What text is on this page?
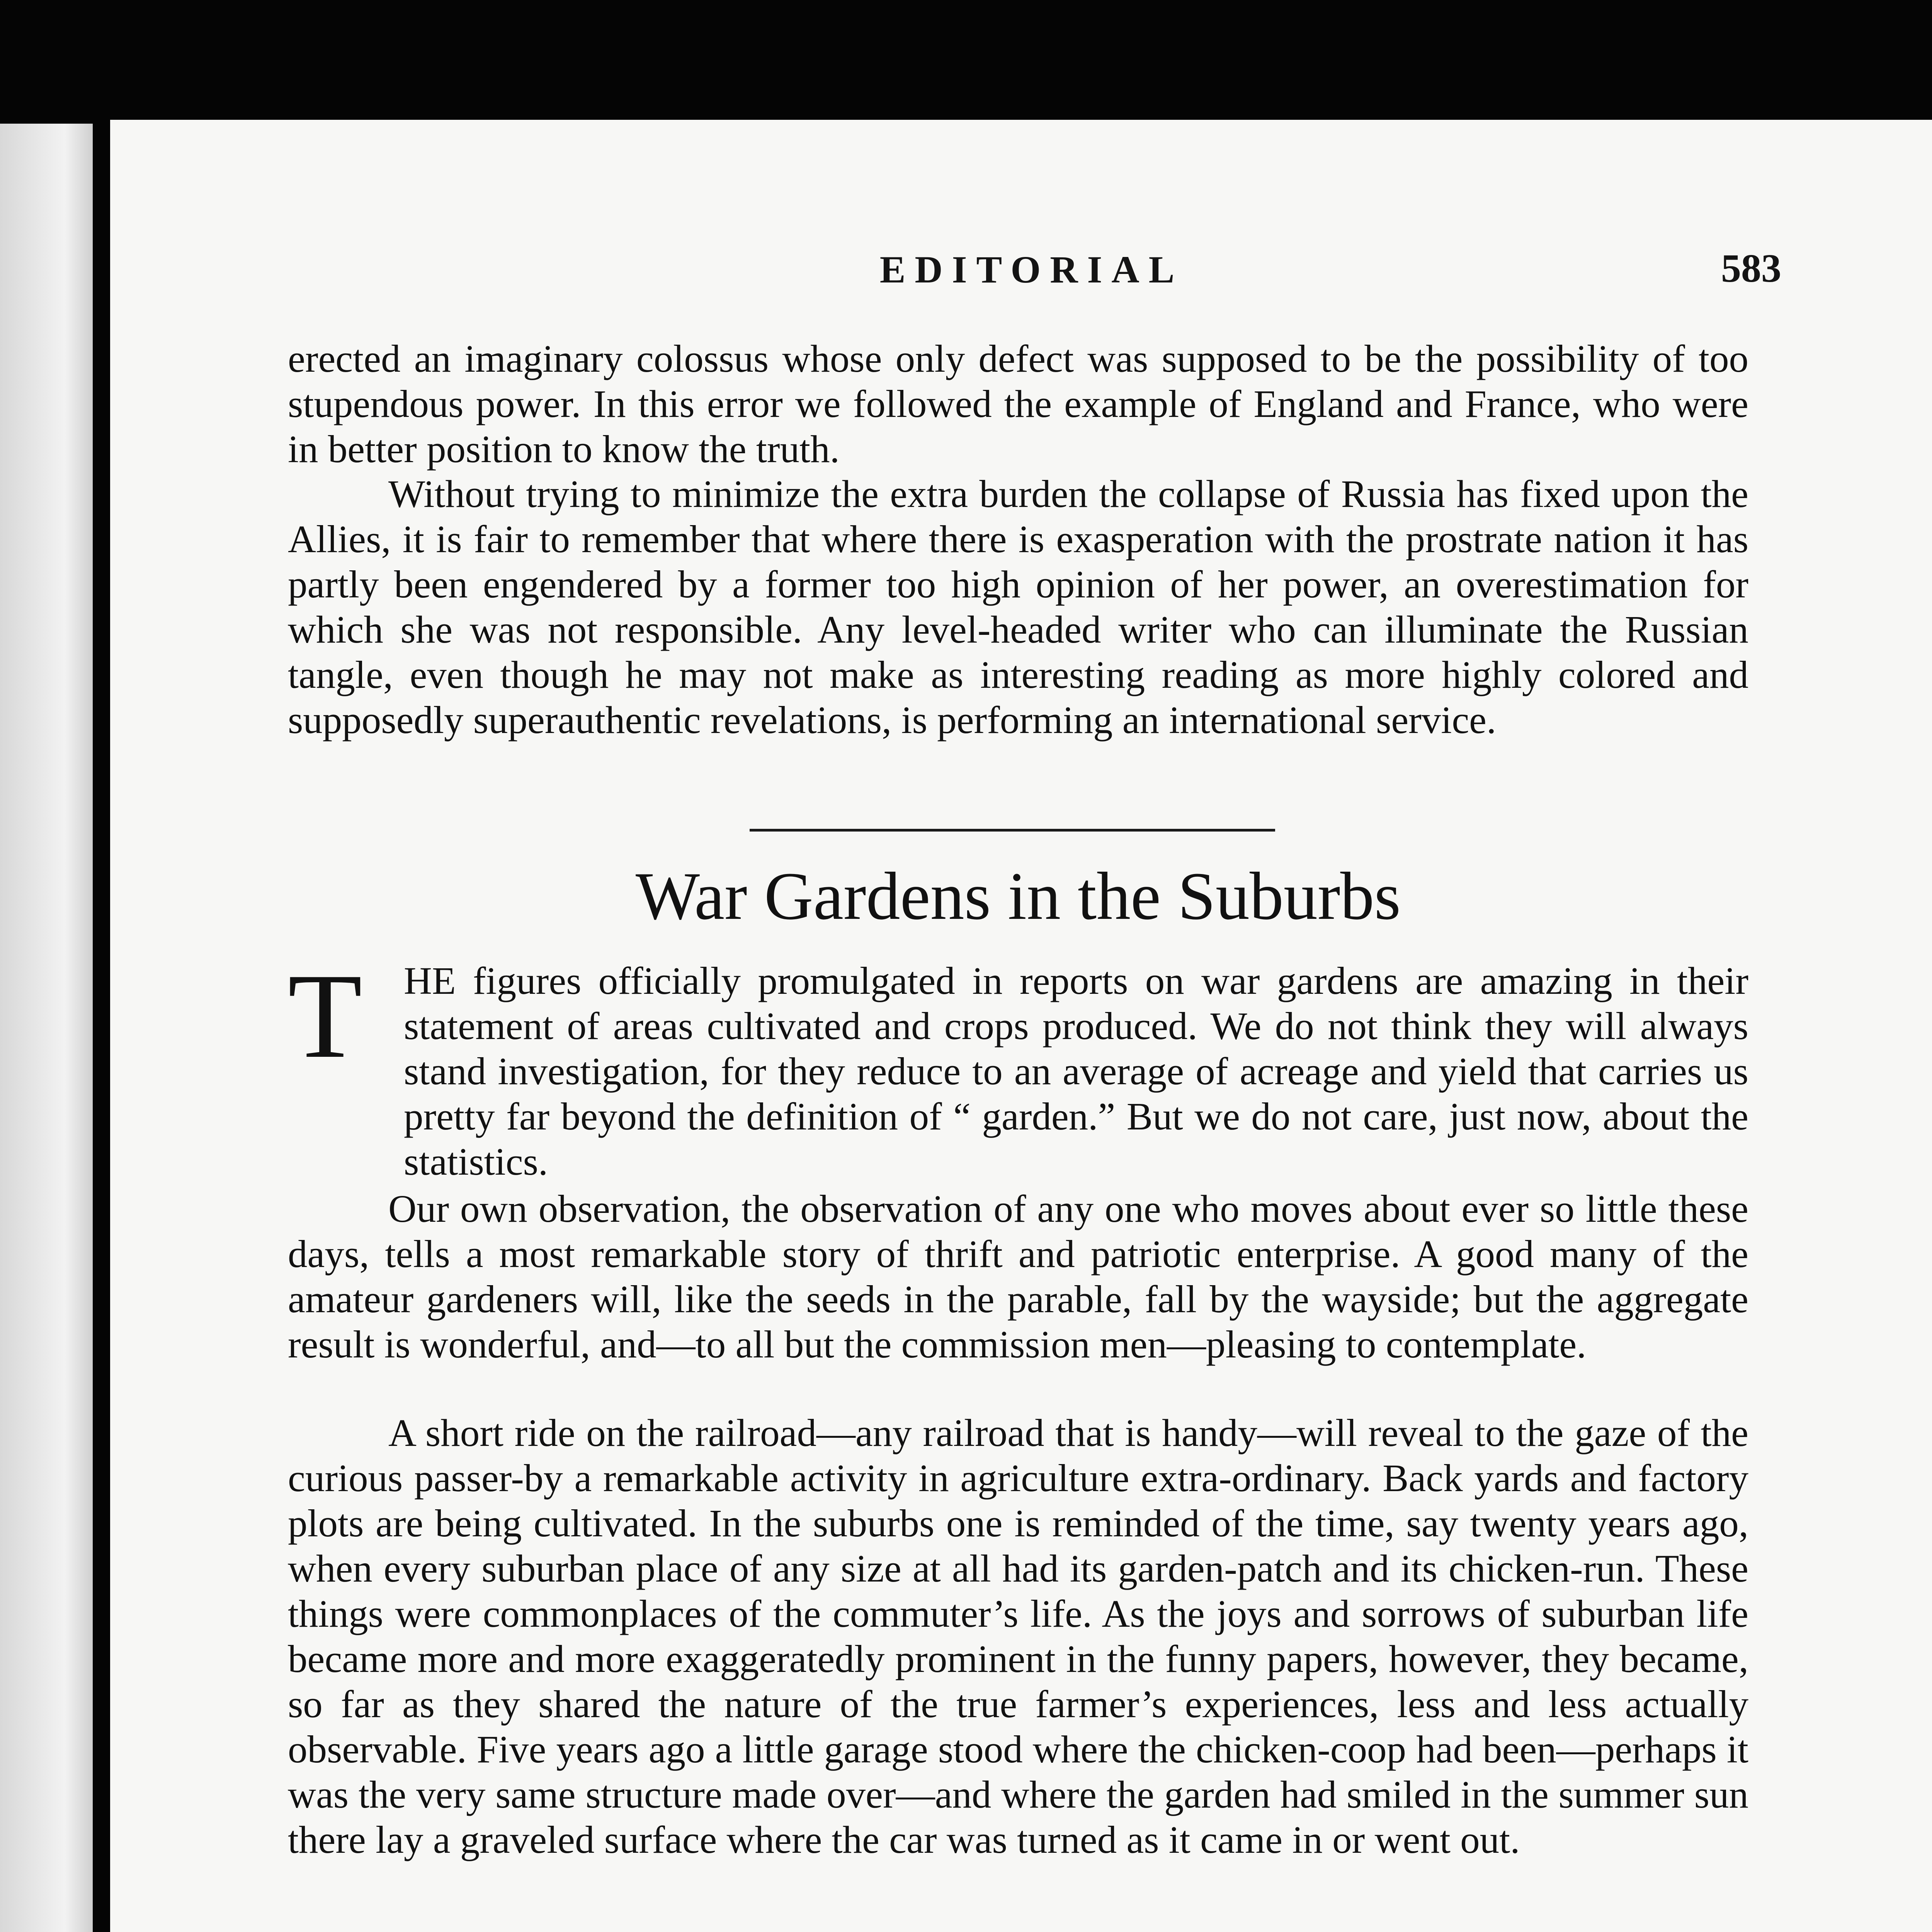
EDITORIAL	583

erected an imaginary colossus whose only defect was supposed to be the possibility of too stupendous power. In this error we followed the example of England and France, who were in better position to know the truth.

Without trying to minimize the extra burden the collapse of Russia has fixed upon the Allies, it is fair to remember that where there is exasperation with the prostrate nation it has partly been engendered by a former too high opinion of her power, an overestimation for which she was not responsible. Any level-headed writer who can illuminate the Russian tangle, even though he may not make as interesting reading as more highly colored and supposedly superauthentic revelations, is performing an international service.

War Gardens in the Suburbs
T	HE figures officially promulgated in reports on war gardens are amazing in their statement of areas cultivated and crops produced. We do not think they will always stand investigation, for they reduce to an average of acreage and yield that carries us pretty far beyond the definition of “ garden.” But we do not care, just now, about the statistics.

Our own observation, the observation of any one who moves about ever so little these days, tells a most remarkable story of thrift and patriotic enterprise. A good many of the amateur gardeners will, like the seeds in the parable, fall by the wayside; but the aggregate result is wonderful, and—to all but the commission men—pleasing to contemplate.

A short ride on the railroad—any railroad that is handy—will reveal to the gaze of the curious passer-by a remarkable activity in agriculture extra-ordinary. Back yards and factory plots are being cultivated. In the suburbs one is reminded of the time, say twenty years ago, when every suburban place of any size at all had its garden-patch and its chicken-run. These things were commonplaces of the commuter’s life. As the joys and sorrows of suburban life became more and more exaggeratedly prominent in the funny papers, however, they became, so far as they shared the nature of the true farmer’s experiences, less and less actually observable. Five years ago a little garage stood where the chicken-coop had been—perhaps it was the very same structure made over—and where the garden had smiled in the summer sun there lay a graveled surface where the car was turned as it came in or went out.
